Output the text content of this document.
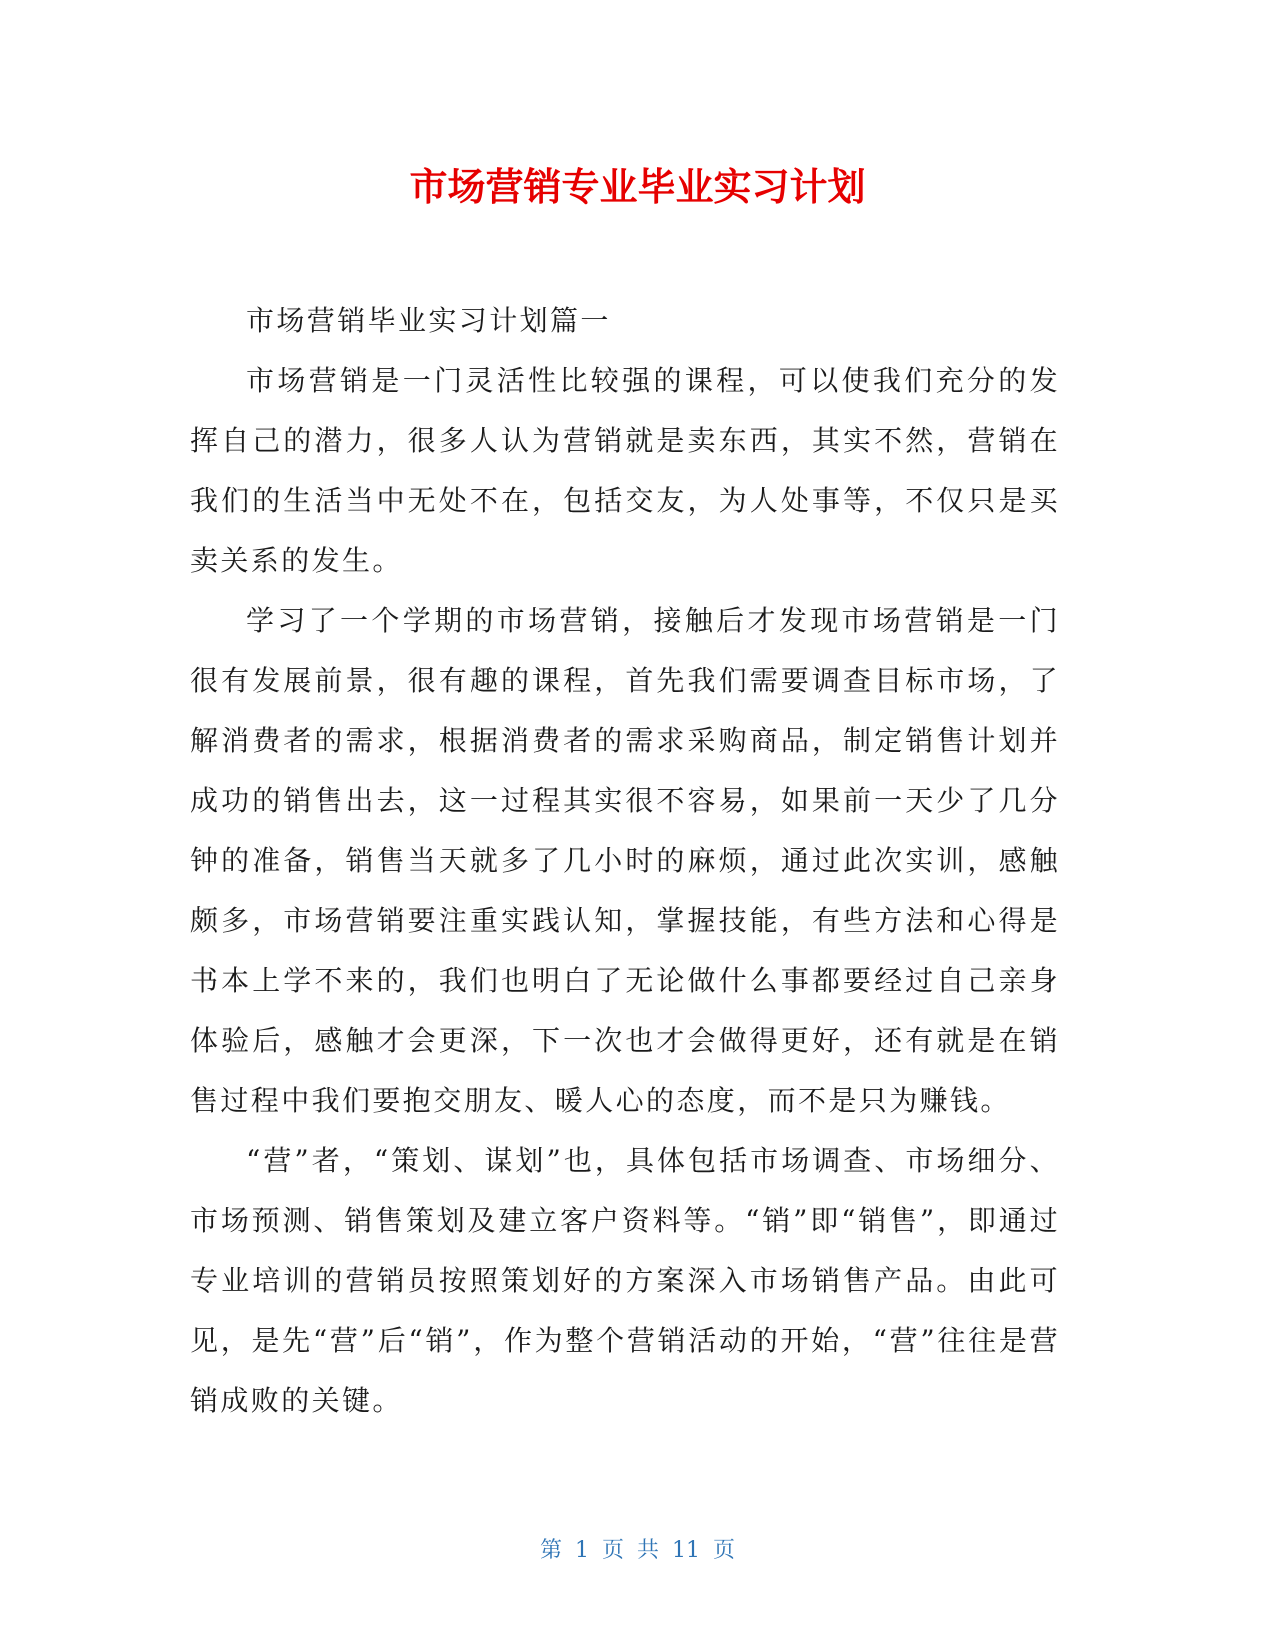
市场营销专业毕业实习计划

市场营销毕业实习计划篇一

市场营销是一门灵活性比较强的课程，可以使我们充分的发挥自己的潜力，很多人认为营销就是卖东西，其实不然，营销在我们的生活当中无处不在，包括交友，为人处事等，不仅只是买卖关系的发生。

学习了一个学期的市场营销，接触后才发现市场营销是一门很有发展前景，很有趣的课程，首先我们需要调查目标市场，了解消费者的需求，根据消费者的需求采购商品，制定销售计划并成功的销售出去，这一过程其实很不容易，如果前一天少了几分钟的准备，销售当天就多了几小时的麻烦，通过此次实训，感触颇多，市场营销要注重实践认知，掌握技能，有些方法和心得是书本上学不来的，我们也明白了无论做什么事都要经过自己亲身体验后，感触才会更深，下一次也才会做得更好，还有就是在销售过程中我们要抱交朋友、暖人心的态度，而不是只为赚钱。

“营”者，“策划、谋划”也，具体包括市场调查、市场细分、市场预测、销售策划及建立客户资料等。“销”即“销售”，即通过专业培训的营销员按照策划好的方案深入市场销售产品。由此可见，是先“营”后“销”，作为整个营销活动的开始，“营”往往是营销成败的关键。

第 1 页 共 11 页
